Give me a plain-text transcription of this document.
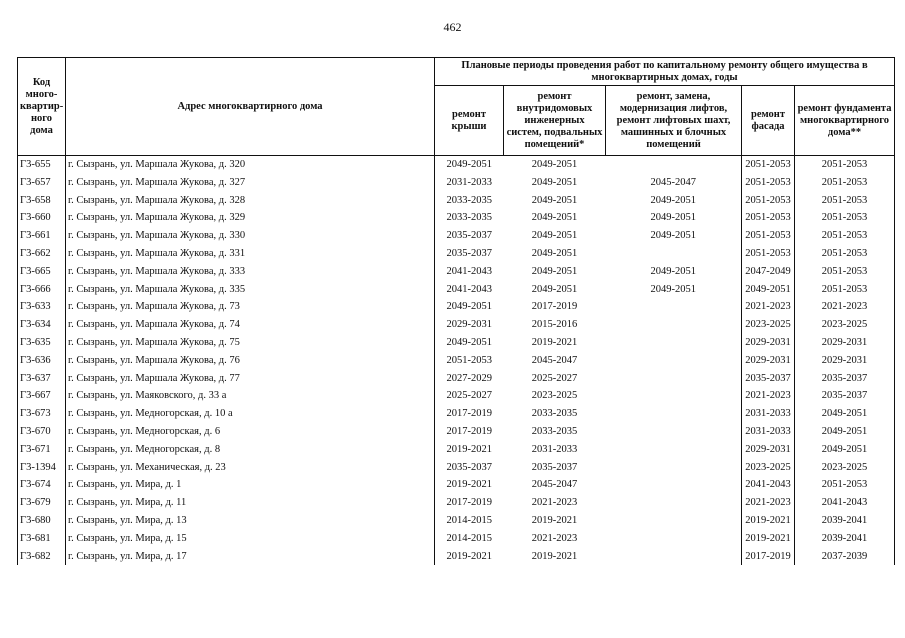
462
Код много-квартир-ного дома	Адрес многоквартирного дома	Плановые периоды проведения работ по капитальному ремонту общего имущества в многоквартирных домах, годы				
		ремонт крыши	ремонт внутридомовых инженерных систем, подвальных помещений*	ремонт, замена, модернизация лифтов, ремонт лифтовых шахт, машинных и блочных помещений	ремонт фасада	ремонт фундамента многоквартирного дома**
Г3-655	г. Сызрань, ул. Маршала Жукова, д. 320	2049-2051	2049-2051		2051-2053	2051-2053
Г3-657	г. Сызрань, ул. Маршала Жукова, д. 327	2031-2033	2049-2051	2045-2047	2051-2053	2051-2053
Г3-658	г. Сызрань, ул. Маршала Жукова, д. 328	2033-2035	2049-2051	2049-2051	2051-2053	2051-2053
Г3-660	г. Сызрань, ул. Маршала Жукова, д. 329	2033-2035	2049-2051	2049-2051	2051-2053	2051-2053
Г3-661	г. Сызрань, ул. Маршала Жукова, д. 330	2035-2037	2049-2051	2049-2051	2051-2053	2051-2053
Г3-662	г. Сызрань, ул. Маршала Жукова, д. 331	2035-2037	2049-2051		2051-2053	2051-2053
Г3-665	г. Сызрань, ул. Маршала Жукова, д. 333	2041-2043	2049-2051	2049-2051	2047-2049	2051-2053
Г3-666	г. Сызрань, ул. Маршала Жукова, д. 335	2041-2043	2049-2051	2049-2051	2049-2051	2051-2053
Г3-633	г. Сызрань, ул. Маршала Жукова, д. 73	2049-2051	2017-2019		2021-2023	2021-2023
Г3-634	г. Сызрань, ул. Маршала Жукова, д. 74	2029-2031	2015-2016		2023-2025	2023-2025
Г3-635	г. Сызрань, ул. Маршала Жукова, д. 75	2049-2051	2019-2021		2029-2031	2029-2031
Г3-636	г. Сызрань, ул. Маршала Жукова, д. 76	2051-2053	2045-2047		2029-2031	2029-2031
Г3-637	г. Сызрань, ул. Маршала Жукова, д. 77	2027-2029	2025-2027		2035-2037	2035-2037
Г3-667	г. Сызрань, ул. Маяковского, д. 33 а	2025-2027	2023-2025		2021-2023	2035-2037
Г3-673	г. Сызрань, ул. Медногорская, д. 10 а	2017-2019	2033-2035		2031-2033	2049-2051
Г3-670	г. Сызрань, ул. Медногорская, д. 6	2017-2019	2033-2035		2031-2033	2049-2051
Г3-671	г. Сызрань, ул. Медногорская, д. 8	2019-2021	2031-2033		2029-2031	2049-2051
Г3-1394	г. Сызрань, ул. Механическая, д. 23	2035-2037	2035-2037		2023-2025	2023-2025
Г3-674	г. Сызрань, ул. Мира, д. 1	2019-2021	2045-2047		2041-2043	2051-2053
Г3-679	г. Сызрань, ул. Мира, д. 11	2017-2019	2021-2023		2021-2023	2041-2043
Г3-680	г. Сызрань, ул. Мира, д. 13	2014-2015	2019-2021		2019-2021	2039-2041
Г3-681	г. Сызрань, ул. Мира, д. 15	2014-2015	2021-2023		2019-2021	2039-2041
Г3-682	г. Сызрань, ул. Мира, д. 17	2019-2021	2019-2021		2017-2019	2037-2039
